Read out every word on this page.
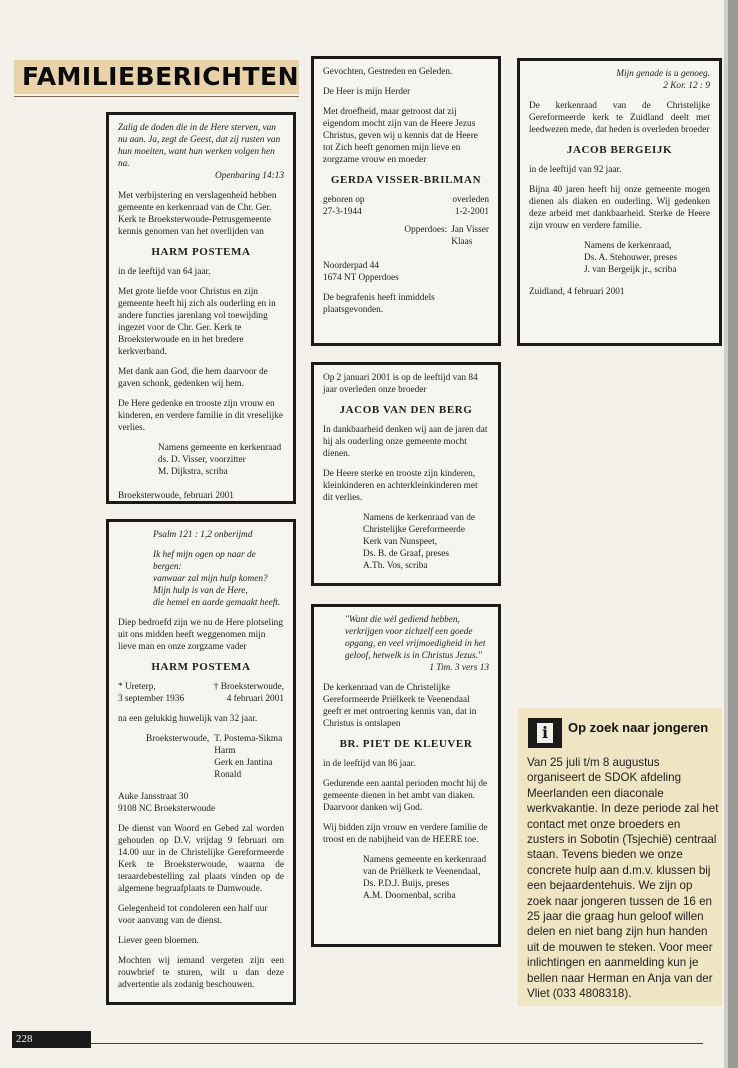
FAMILIEBERICHTEN

Zalig de doden die in de Here sterven, van nu aan. Ja, zegt de Geest, dat zij rusten van hun moeiten, want hun werken volgen hen na.

Openbaring 14:13

Met verbijstering en verslagenheid hebben gemeente en kerkenraad van de Chr. Ger. Kerk te Broeksterwoude-Petrusgemeente kennis genomen van het overlijden van

HARM POSTEMA

in de leeftijd van 64 jaar.

Met grote liefde voor Christus en zijn gemeente heeft hij zich als ouderling en in andere functies jarenlang vol toewijding ingezet voor de Chr. Ger. Kerk te Broeksterwoude en in het bredere kerkverband.

Met dank aan God, die hem daarvoor de gaven schonk, gedenken wij hem.

De Here gedenke en trooste zijn vrouw en kinderen, en verdere familie in dit vreselijke verlies.

Namens gemeente en kerkenraad
ds. D. Visser, voorzitter
M. Dijkstra, scriba

Broeksterwoude, februari 2001

Psalm 121 : 1,2 onberijmd

Ik hef mijn ogen op naar de bergen:
vanwaar zal mijn hulp komen?
Mijn hulp is van de Here,
die hemel en aarde gemaakt heeft.

Diep bedroefd zijn we nu de Here plotseling uit ons midden heeft weggenomen mijn lieve man en onze zorgzame vader

HARM POSTEMA

* Ureterp,
3 september 1936
† Broeksterwoude,
4 februari 2001

na een gelukkig huwelijk van 32 jaar.

Broeksterwoude, T. Postema-Sikma
Harm
Gerk en Jantina
Ronald
Auke Jansstraat 30
9108 NC Broeksterwoude

De dienst van Woord en Gebed zal worden gehouden op D.V. vrijdag 9 februari om 14.00 uur in de Christelijke Gereformeerde Kerk te Broeksterwoude, waarna de teraardebestelling zal plaats vinden op de algemene begraafplaats te Damwoude.

Gelegenheid tot condoleren een half uur voor aanvang van de dienst.

Liever geen bloemen.

Mochten wij iemand vergeten zijn een rouwbrief te sturen, wilt u dan deze advertentie als zodanig beschouwen.

Gevochten, Gestreden en Geleden.

De Heer is mijn Herder

Met droefheid, maar getroost dat zij eigendom mocht zijn van de Heere Jezus Christus, geven wij u kennis dat de Heere tot Zich heeft genomen mijn lieve en zorgzame vrouw en moeder

GERDA VISSER-BRILMAN

geboren op
27-3-1944
overleden
1-2-2001
Opperdoes: Jan Visser
Klaas
Noorderpad 44
1674 NT Opperdoes

De begrafenis heeft inmiddels plaatsgevonden.

Op 2 januari 2001 is op de leeftijd van 84 jaar overleden onze broeder

JACOB VAN DEN BERG

In dankbaarheid denken wij aan de jaren dat hij als ouderling onze gemeente mocht dienen.

De Heere sterke en trooste zijn kinderen, kleinkinderen en achterkleinkinderen met dit verlies.

Namens de kerkenraad van de
Christelijke Gereformeerde
Kerk van Nunspeet,
Ds. B. de Graaf, preses
A.Th. Vos, scriba
"Want die wèl gediend hebben,
verkrijgen voor zichzelf een goede
opgang, en veel vrijmoedigheid in het
geloof, hetwelk is in Christus Jezus."
1 Tim. 3 vers 13

De kerkenraad van de Christelijke Gereformeerde Priëlkerk te Veenendaal geeft er met ontroering kennis van, dat in Christus is ontslapen

BR. PIET DE KLEUVER

in de leeftijd van 86 jaar.

Gedurende een aantal perioden mocht hij de gemeente dienen in het ambt van diaken. Daarvoor danken wij God.

Wij bidden zijn vrouw en verdere familie de troost en de nabijheid van de HEERE toe.

Namens gemeente en kerkenraad
van de Priëlkerk te Veenendaal,
Ds. P.D.J. Buijs, preses
A.M. Doornenbal, scriba
Mijn genade is u genoeg.
2 Kor. 12 : 9

De kerkenraad van de Christelijke Gereformeerde kerk te Zuidland deelt met leedwezen mede, dat heden is overleden broeder

JACOB BERGEIJK

in de leeftijd van 92 jaar.

Bijna 40 jaren heeft hij onze gemeente mogen dienen als diaken en ouderling. Wij gedenken deze arbeid met dankbaarheid. Sterke de Heere zijn vrouw en verdere familie.

Namens de kerkenraad,
Ds. A. Stehouwer, preses
J. van Bergeijk jr., scriba

Zuidland, 4 februari 2001

i	Op zoek naar jongeren
Van 25 juli t/m 8 augustus organiseert de SDOK afdeling Meerlanden een diaconale werkvakantie. In deze periode zal het contact met onze broeders en zusters in Sobotin (Tsjechië) centraal staan. Tevens bieden we onze concrete hulp aan d.m.v. klussen bij een bejaardentehuis. We zijn op zoek naar jongeren tussen de 16 en 25 jaar die graag hun geloof willen delen en niet bang zijn hun handen uit de mouwen te steken. Voor meer inlichtingen en aanmelding kun je bellen naar Herman en Anja van der Vliet (033 4808318).
228
